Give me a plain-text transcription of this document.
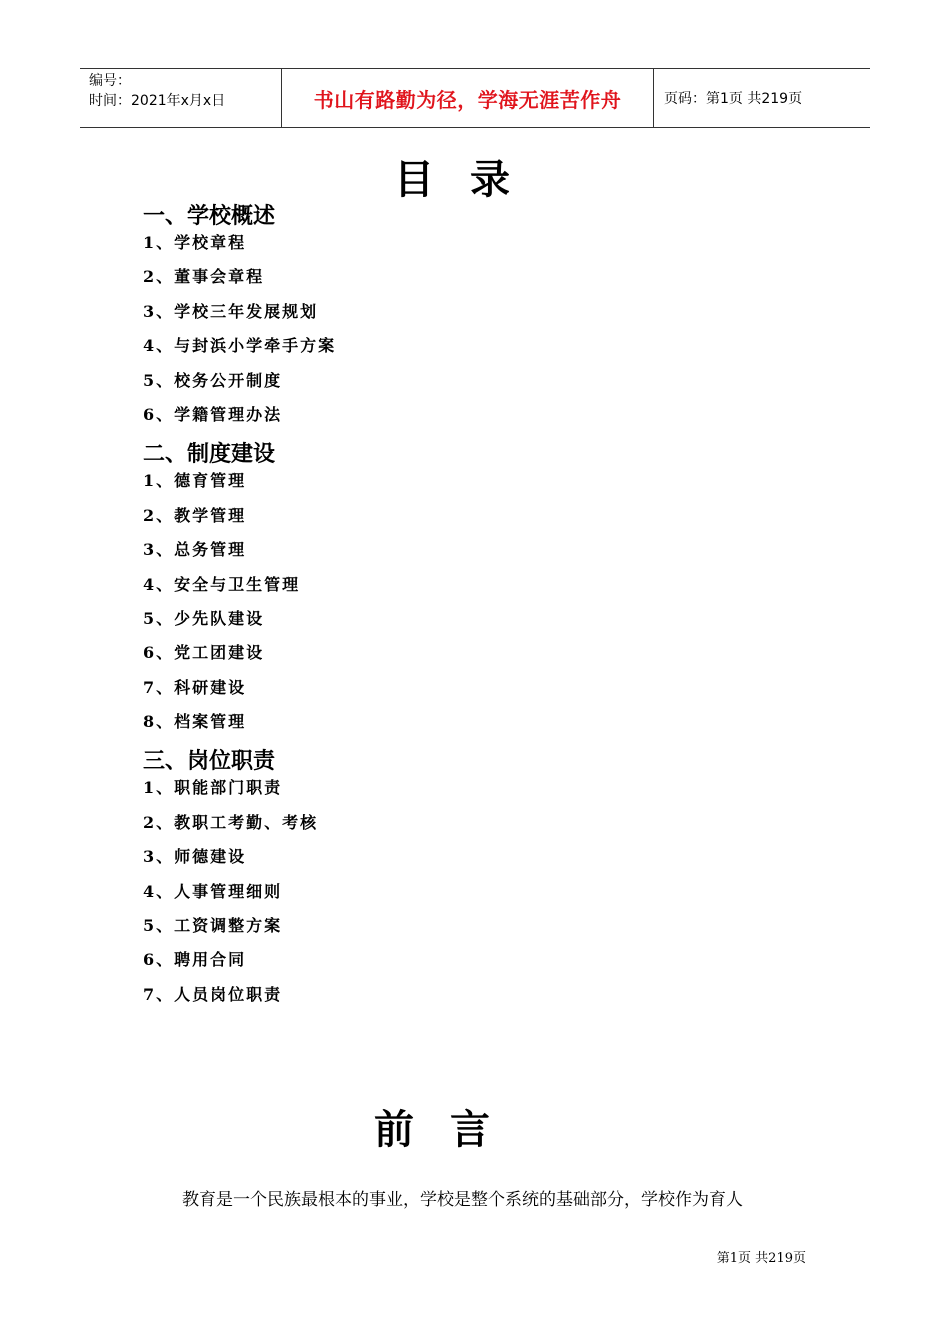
编号：
时间：2021年x月x日	书山有路勤为径，学海无涯苦作舟	页码：第1页 共219页
目录
一、学校概述
1、学校章程
2、董事会章程
3、学校三年发展规划
4、与封浜小学牵手方案
5、校务公开制度
6、学籍管理办法
二、制度建设
1、德育管理
2、教学管理
3、总务管理
4、安全与卫生管理
5、少先队建设
6、党工团建设
7、科研建设
8、档案管理
三、岗位职责
1、职能部门职责
2、教职工考勤、考核
3、师德建设
4、人事管理细则
5、工资调整方案
6、聘用合同
7、人员岗位职责
前言
教育是一个民族最根本的事业，学校是整个系统的基础部分，学校作为育人
第1页 共219页
